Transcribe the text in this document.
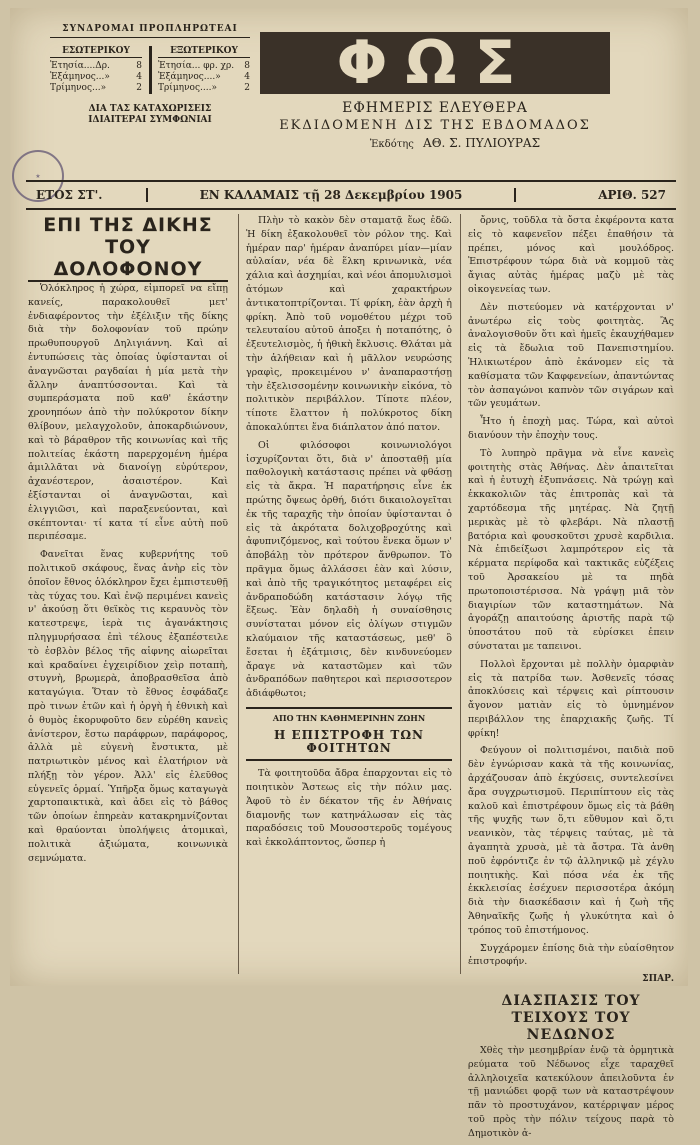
ΣΥΝΔΡΟΜΑΙ ΠΡΟΠΛΗΡΩΤΕΑΙ
ΕΣΩΤΕΡΙΚΟΥ
Ἐτησία....Δρ.	8
Ἑξάμηνος...»	4
Τρίμηνος...»	2
ΕΞΩΤΕΡΙΚΟΥ
Ἐτησία... φρ. χρ. 8
Ἑξάμηνος....»	4
Τρίμηνος....»	2
ΔΙΑ ΤΑΣ ΚΑΤΑΧΩΡΙΣΕΙΣ
ΙΔΙΑΙΤΕΡΑΙ ΣΥΜΦΩΝΙΑΙ
★
ΦΩΣ
ΕΦΗΜΕΡΙΣ ΕΛΕΥΘΕΡΑ
ΕΚΔΙΔΟΜΕΝΗ ΔΙΣ ΤΗΣ ΕΒΔΟΜΑΔΟΣ
Ἐκδότης ΑΘ. Σ. ΠΥΛΙΟΥΡΑΣ
ΕΤΟΣ ΣΤ'.	ΕΝ ΚΑΛΑΜΑΙΣ τῇ 28 Δεκεμβρίου 1905	ΑΡΙΘ. 527
ΕΠΙ ΤΗΣ ΔΙΚΗΣ
ΤΟΥ ΔΟΛΟΦΟΝΟΥ

Ὁλόκληρος ἡ χώρα, εἰμπορεῖ να εἴπῃ κανείς, παρακολουθεῖ μετ' ἐνδιαφέροντος τὴν ἐξέλιξιν τῆς δίκης διὰ τὴν δολοφονίαν τοῦ πρώην πρωθυπουργοῦ Δηλιγιάννη. Καὶ αἱ ἐντυπώσεις τὰς ὁποίας ὑφίστανται οἱ ἀναγνῶσται ραγδαίαι ἡ μία μετὰ τὴν ἄλλην ἀναπτύσσονται. Καὶ τὰ συμπεράσματα ποῦ καθ' ἑκάστην χρονηπόων ἀπὸ τὴν πολύκροτον δίκην θλίβουν, μελαγχολοῦν, ἀποκαρδιώνουν, καὶ τὸ βάραθρον τῆς κοινωνίας καὶ τῆς πολιτείας ἑκάστη παρερχομένη ἡμέρα ἁμιλλᾶται νὰ διανοίγῃ εὐρύτερον, ἀχανέστερον, ἀσαιστέρον. Καὶ ἐξίστανται οἱ ἀναγνῶσται, καὶ ἐλιγγιῶσι, καὶ παραξενεύονται, καὶ σκέπτονται· τί κατα τί εἶνε αὐτὴ ποῦ περιπέσαμε.

Φανεῖται ἕνας κυβερνήτης τοῦ πολιτικοῦ σκάφους, ἕνας ἀνὴρ εἰς τὸν ὁποῖον ἔθνος ὁλόκληρον ἔχει ἐμπιστευθῇ τὰς τύχας του. Καὶ ἐνῷ περιμένει κανεὶς ν' ἀκούσῃ ὅτι θεϊκὸς τις κεραυνὸς τὸν κατεστρεψε, ἱερὰ τις ἀγανάκτησις πληγμυρήσασα ἐπὶ τέλους ἐξαπέστειλε τὸ ἐσβλὸν βέλος τῆς αἱφνης αἰωρεῖται καὶ κραδαίνει ἐγχειρίδιον χεὶρ ποταπὴ, στυγνὴ, βρωμερὰ, ἀποβρασθεῖσα ἀπὸ καταγώγια. Ὅταν τὸ ἔθνος ἐσφάδαζε πρὸ τινων ἐτῶν καὶ ἡ ὀργὴ ἡ ἐθνικὴ καὶ ὁ θυμὸς ἐκορυφοῦτο δεν εὑρέθη κανεὶς ἀνίστερον, ἔστω παράφρων, παράφορος, ἀλλὰ μὲ εὐγενὴ ἔνστικτα, μὲ πατριωτικὸν μένος καὶ ἐλατήριον νὰ πλήξῃ τὸν γέρον. Ἀλλ' εἰς ἐλεῦθος εὐγενεῖς ὁρμαί. Ὑπῆρξα ὅμως καταγωγὰ χαρτοπαικτικὰ, καὶ ἀδει εἰς τὸ βάθος τῶν ὁποίων ἐπηρεὰν κατακρημνίζονται καὶ θραύονται ὑπολήψεις ἀτομικαὶ, πολιτικὰ ἀξιώματα, κοινωνικὰ σεμνώματα.

Πλὴν τὸ κακὸν δὲν σταματᾷ ἕως ἐδῶ. Ἡ δίκη ἐξακολουθεῖ τὸν ρόλον της. Καὶ ἡμέραν παρ' ἡμέραν ἀναπύρει μίαν—μίαν αὐλαίαν, νέα δὲ ἕλκη κρινωνικὰ, νέα χάλια καὶ ἀσχημίαι, καὶ νέοι ἀπομυλισμοὶ ἀτόμων καὶ χαρακτήρων ἀντικατοπτρίζονται. Τί φρίκη, ἐὰν ἀρχὴ ἡ φρίκη. Ἀπὸ τοῦ νομοθέτου μέχρι τοῦ τελευταίου αὐτοῦ ἀποξει ἡ ποταπότης, ὁ ἐξευτελισμὸς, ἡ ἠθικὴ ἔκλυσις. Θλάται μὰ τὴν ἀλήθειαν καὶ ἡ μᾶλλον νευρώσης γραφὶς, προκειμένου ν' ἀναπαραστήσῃ τὴν ἐξελισσομένην κοινωνικὴν εἰκόνα, τὸ πολιτικὸν περιβάλλον. Τίποτε πλέον, τίποτε ἔλαττον ἡ πολύκροτος δίκη ἀποκαλύπτει ἕνα διάπλατον ἀπό πατον.

Οἱ φιλόσοφοι κοινωνιολόγοι ἰσχυρίζονται ὅτι, διὰ ν' ἀποσταθῇ μία παθολογικὴ κατάστασις πρέπει νὰ φθάσῃ εἰς τὰ ἄκρα. Ἡ παρατήρησις εἶνε ἐκ πρώτης ὄψεως ὀρθή, διότι δικαιολογεῖται ἐκ τῆς ταραχῆς τὴν ὁποίαν ὑφίστανται ὁ εἰς τὰ ἀκρότατα δολιχοβροχύτης καὶ ἀφυπνιζόμενος, καὶ τούτου ἕνεκα ὅμων ν' ἀποβάλῃ τὸν πρότερον ἄνθρωπον. Τὸ πρᾶγμα ὅμως ἀλλάσσει ἐὰν καὶ λύσιν, καὶ ἀπὸ τῆς τραγικότητος μεταφέρει εἰς ἀνδραποδώδη κατάστασιν λόγῳ τῆς ἕξεως. Ἐὰν δηλαδὴ ἡ συναίσθησις συνίσταται μόνον εἰς ὀλίγων στιγμῶν κλαύμαιον τῆς καταστάσεως, μεθ' ὃ ἔσεται ἡ ἐξάτμισις, δὲν κινδυνεύομεν ἄραγε νὰ καταστῶμεν καὶ τῶν ἀνδραπόδων παθητεροι καὶ περισσοτερον ἀδιάφθωτοι;

ΑΠΟ ΤΗΝ ΚΑΘΗΜΕΡΙΝΗΝ ΖΩΗΝ
Η ΕΠΙΣΤΡΟΦΗ ΤΩΝ ΦΟΙΤΗΤΩΝ

Τὰ φοιτητοῦδα ἄδρα ἐπαρχονται εἰς τὸ ποιητικὸν Ἄστεως εἰς τὴν πόλιν μας. Ἀφοῦ τὸ ἐν δέκατον τῆς ἐν Ἀθήναις διαμονῆς των κατηνάλωσαν εἰς τὰς παραδόσεις τοῦ Μουσοστεροῦς τομέγους καὶ ἐκκολάπτοντος, ὥσπερ ἡ

ὄρνις, τοῦδλα τὰ ὄστα ἐκφέροντα κατα εἰς τὸ καφενεῖον πέξει ἐπαθήσιν τὰ πρέπει, μόνος καὶ μουλόδρος. Ἐπιστρέφουν τώρα διὰ νὰ κομμοῦ τὰς ἄγιας αὐτὰς ἡμέρας μαζὺ μὲ τὰς οἰκογενείας των.

Δὲν πιστεύομεν νὰ κατέρχονται ν' ἀνωτέρω εἰς τοὺς φοιτητὰς. Ἂς ἀναλογισθοῦν ὅτι καὶ ἡμεῖς ἐκαυχήθαμεν εἰς τὰ ἔδωλια τοῦ Πανεπιστημίου. Ἡλικιωτέρον ἀπὸ ἐκάνομεν εἰς τὰ καθίσματα τῶν Καφφενείων, ἀπαντώντας τὸν ἀσπαγώνοι καπνὸν τῶν σιγάρων καὶ τῶν γευμάτων.

Ἦτο ἡ ἐποχὴ μας. Τώρα, καὶ αὐτοὶ διανύουν τὴν ἐποχὴν τους.

Τὸ λυπηρὸ πρᾶγμα νὰ εἶνε κανεὶς φοιτητὴς στὰς Ἀθήνας. Δὲν ἀπαιτεῖται καὶ ἡ ἐυτυχὴ ἐξυπνάσεις. Νὰ τρώγῃ καὶ ἐκκακολιῶν τὰς ἐπιτροπὰς καὶ τὰ χαρτόδεσμα τῆς μητέρας. Νὰ ζητῇ μερικὰς μὲ τὸ φλεβάρι. Νὰ πλαστῇ βατόρια καὶ φουσκοῦτσι χρυσὲ καρδιλια. Νὰ ἐπιδείξωσι λαμπρότερον εἰς τὰ κέρματα περίφοδα καὶ τακτικᾶς εὐζέξεις τοῦ Ἀρσακείου μὲ τα πηδὰ πρωτοποιστέρισσα. Νὰ γράψῃ μιᾶ τὸν διαγιρίων τῶν καταστημάτων. Νὰ ἀγοράζῃ απαιτούσης ἀριστῆς παρὰ τῷ ὑποστάτου ποῦ τὰ εὑρίσκει ἐπειν σύνσταται με ταπεινοι.

Πολλοὶ ἔρχονται μὲ πολλὴν ὀμαρφιὰν εἰς τὰ πατρίδα των. Ἀσθενεῖς τόσας ἀποκλύσεις καὶ τέρψεις καὶ ρίπτουσιν ἄγονον ματιὰν εἰς τὸ ὑμνημένον περιβάλλον της ἐπαρχιακῆς ζωῆς. Τί φρίκη!

Φεύγουν οἱ πολιτισμένοι, παιδιὰ ποῦ δὲν ἐγνώρισαν κακὰ τὰ τῆς κοινωνίας, ἀρχάζουσαν ἀπὸ ἐκχύσεις, συντελεσίνει ἄρα συγχρωτισμοῦ. Περιπίπτουν εἰς τὰς καλοῦ καὶ ἐπιστρέφουν ὅμως εἰς τὰ βάθη τῆς ψυχῆς των ὅ,τι εὔθυμον καὶ ὅ,τι νεανικὸν, τὰς τέρψεις ταύτας, μὲ τὰ ἀγαπητὰ χρυσὰ, μὲ τὰ ἄστρα. Τὰ ἀνθη ποῦ ἐφρόντιζε ἐν τῷ ἀλληνικῷ μὲ χέγλυ ποιητικὴς. Καὶ πόσα νέα ἐκ τῆς ἐκκλεισίας ἐσέχυεν περισσοτέρα ἀκόμη διὰ τὴν διασκέδασιν καὶ ἡ ζωὴ τῆς Ἀθηναϊκῆς ζωῆς ἡ γλυκύτητα καὶ ὁ τρόπος τοῦ ἐπιστήμονος.

Συγχάρομεν ἐπίσης διὰ τὴν εὐαίσθητον ἐπιστροφήν.

ΣΠΑΡ.
ΔΙΑΣΠΑΣΙΣ ΤΟΥ ΤΕΙΧΟΥΣ ΤΟΥ ΝΕΔΩΝΟΣ

Χθὲς τὴν μεσημβρίαν ἐνῷ τὰ ὁρμητικὰ ρεύματα τοῦ Νέδωνος εἶχε ταραχθεῖ ἀλληλοιχεῖα κατεκύλουν ἀπειλοῦντα ἐν τῇ μανιώδει φορᾷ των νὰ καταστρέψουν πᾶν τὸ προστυχάνον, κατέρριψαν μέρος τοῦ πρὸς τὴν πόλιν τείχους παρὰ τὸ Δημοτικὸν ἀ-
